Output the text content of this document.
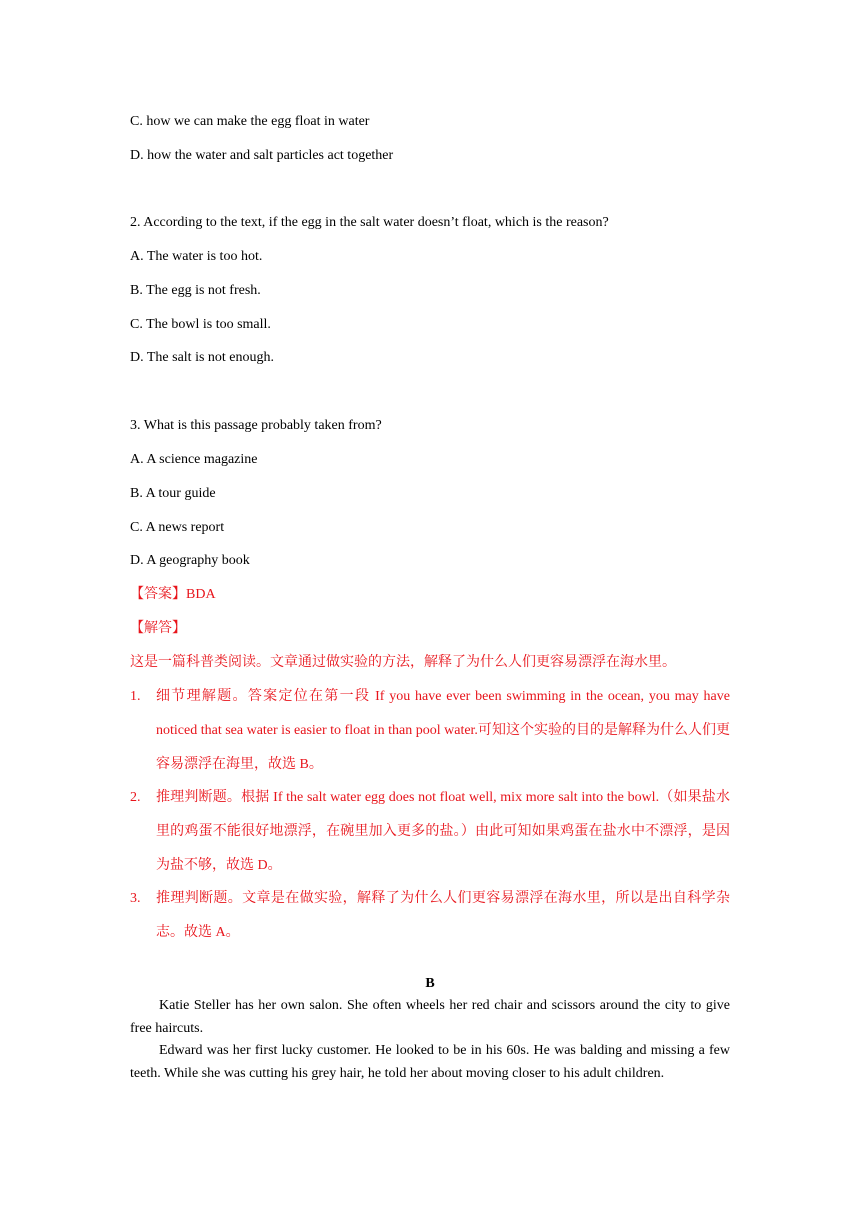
C. how we can make the egg float in water
D. how the water and salt particles act together
2. According to the text, if the egg in the salt water doesn’t float, which is the reason?
A. The water is too hot.
B. The egg is not fresh.
C. The bowl is too small.
D. The salt is not enough.
3. What is this passage probably taken from?
A. A science magazine
B. A tour guide
C. A news report
D. A geography book
【答案】BDA
【解答】
这是一篇科普类阅读。文章通过做实验的方法，解释了为什么人们更容易漂浮在海水里。
1.	细节理解题。答案定位在第一段 If you have ever been swimming in the ocean, you may have noticed that sea water is easier to float in than pool water.可知这个实验的目的是解释为什么人们更容易漂浮在海里，故选 B。
2.	推理判断题。根据 If the salt water egg does not float well, mix more salt into the bowl.（如果盐水里的鸡蛋不能很好地漂浮，在碗里加入更多的盐。）由此可知如果鸡蛋在盐水中不漂浮，是因为盐不够，故选 D。
3.	推理判断题。文章是在做实验，解释了为什么人们更容易漂浮在海水里，所以是出自科学杂志。故选 A。
B
Katie Steller has her own salon. She often wheels her red chair and scissors around the city to give free haircuts.
Edward was her first lucky customer. He looked to be in his 60s. He was balding and missing a few teeth. While she was cutting his grey hair, he told her about moving closer to his adult children.
